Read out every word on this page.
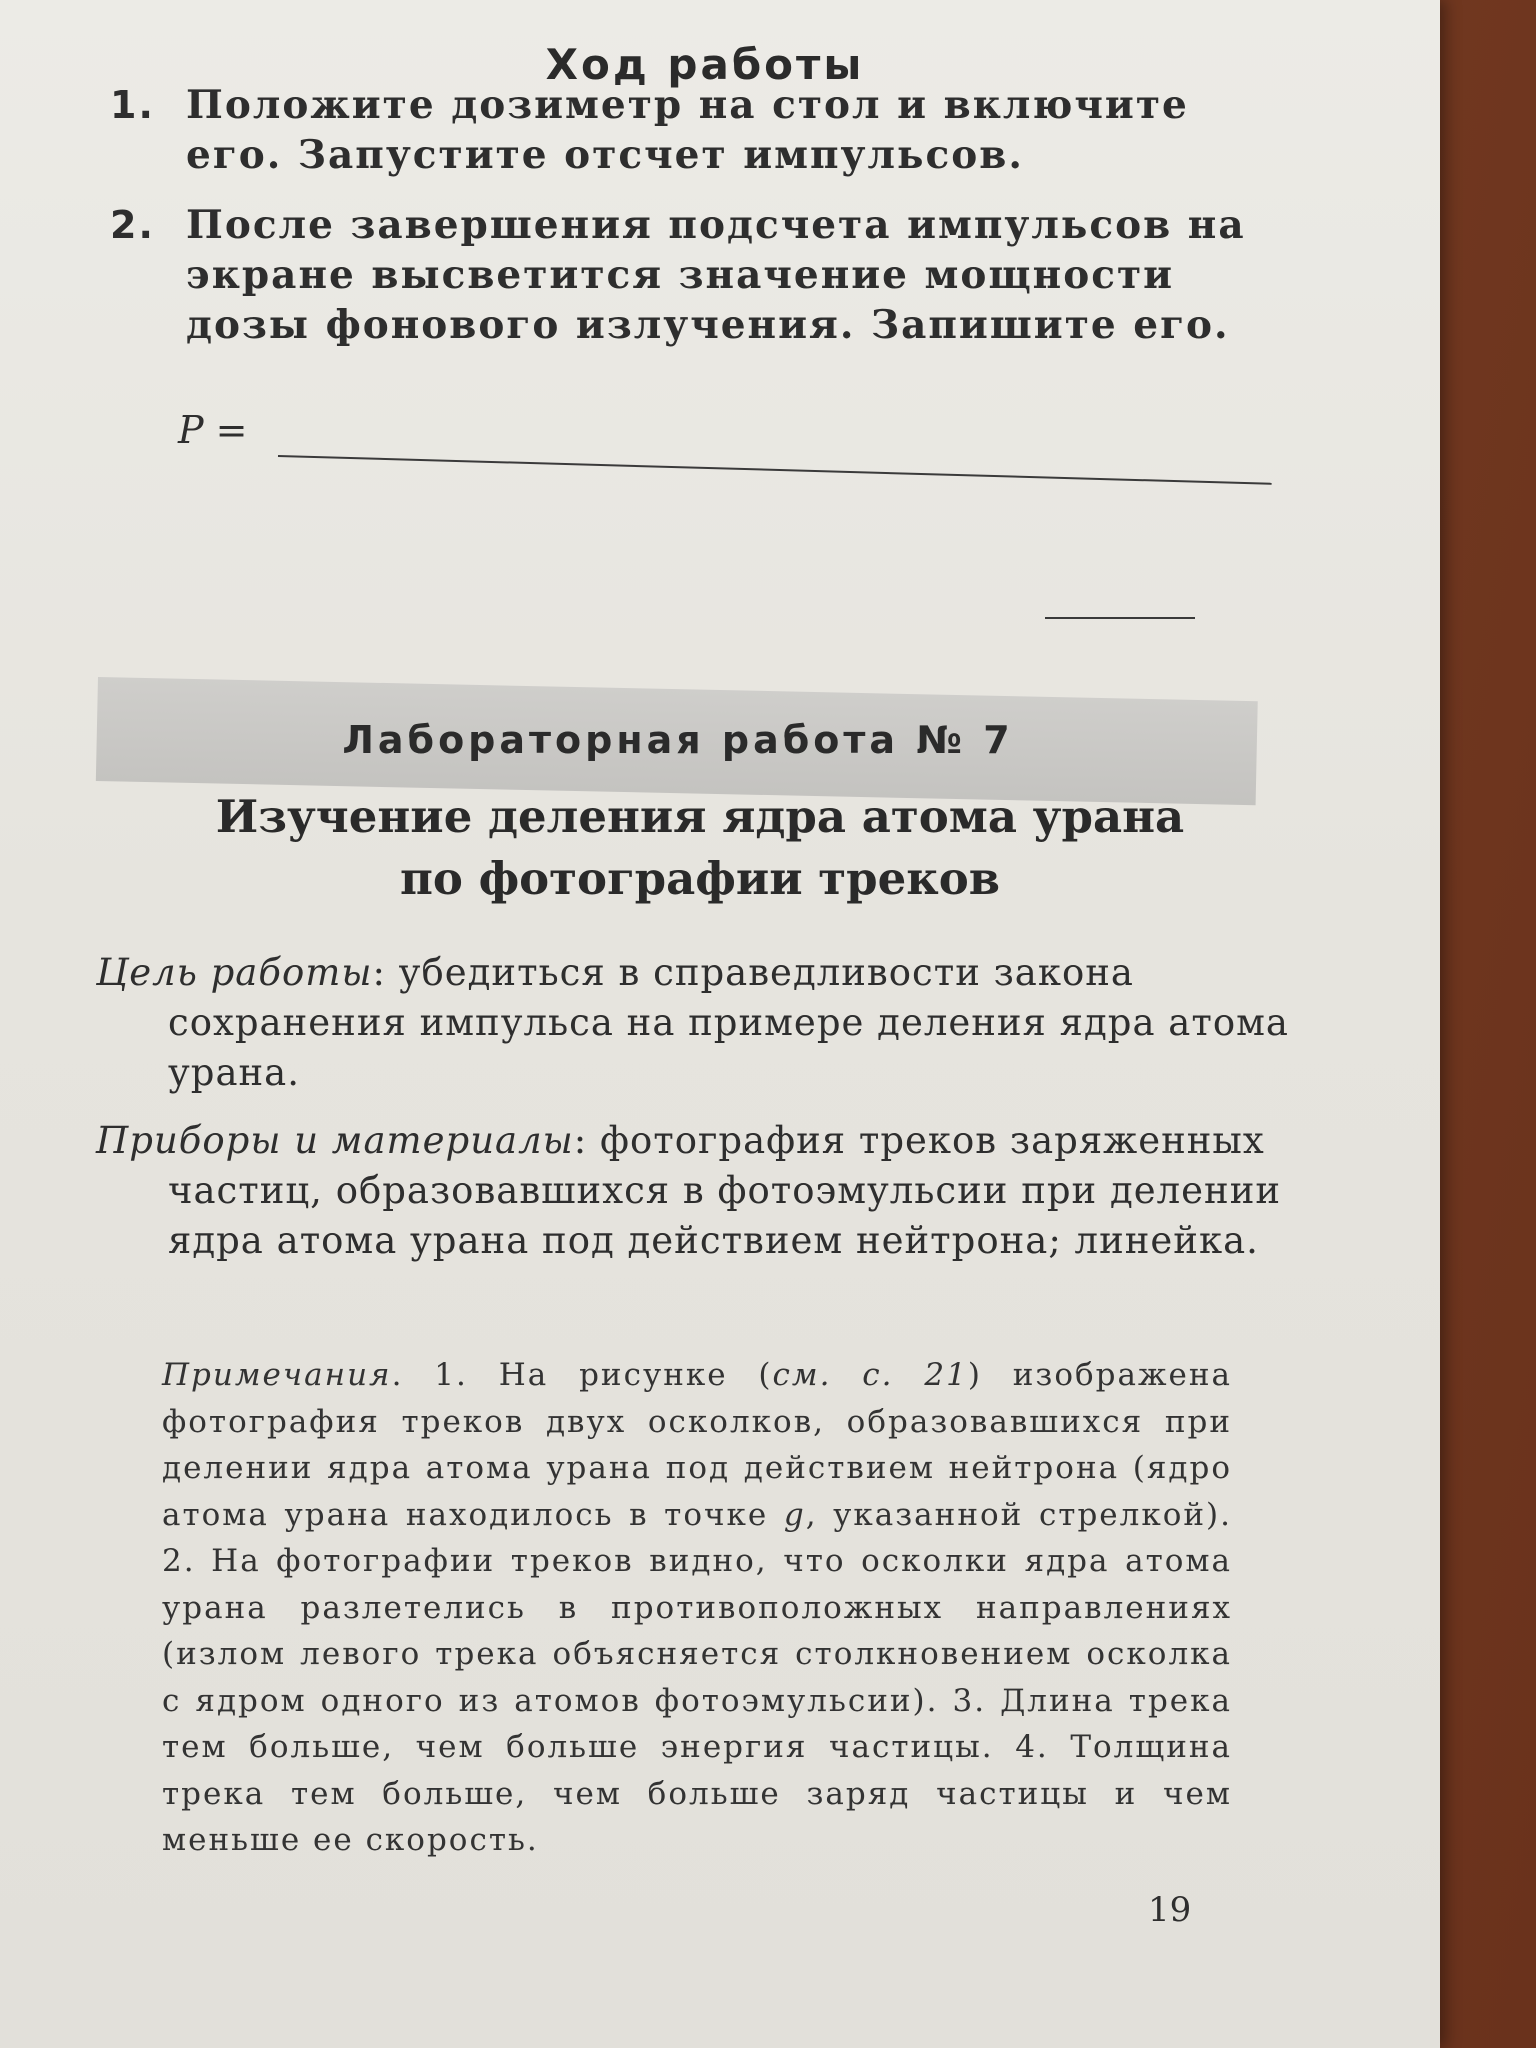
Ход работы
1. Положите дозиметр на стол и включите его. Запустите отсчет импульсов.
2. После завершения подсчета импульсов на экране высветится значение мощности дозы фонового излучения. Запишите его.
P =
Лабораторная работа № 7
Изучение деления ядра атома урана
по фотографии треков
Цель работы: убедиться в справедливости закона сохранения импульса на примере деления ядра атома урана.
Приборы и материалы: фотография треков заряженных частиц, образовавшихся в фотоэмульсии при делении ядра атома урана под действием нейтрона; линейка.
Примечания. 1. На рисунке (см. с. 21) изображена фотография треков двух осколков, образовавшихся при делении ядра атома урана под действием нейтрона (ядро атома урана находилось в точке g, указанной стрелкой). 2. На фотографии треков видно, что осколки ядра атома урана разлетелись в противоположных направлениях (излом левого трека объясняется столкновением осколка с ядром одного из атомов фотоэмульсии). 3. Длина трека тем больше, чем больше энергия частицы. 4. Толщина трека тем больше, чем больше заряд частицы и чем меньше ее скорость.
19
